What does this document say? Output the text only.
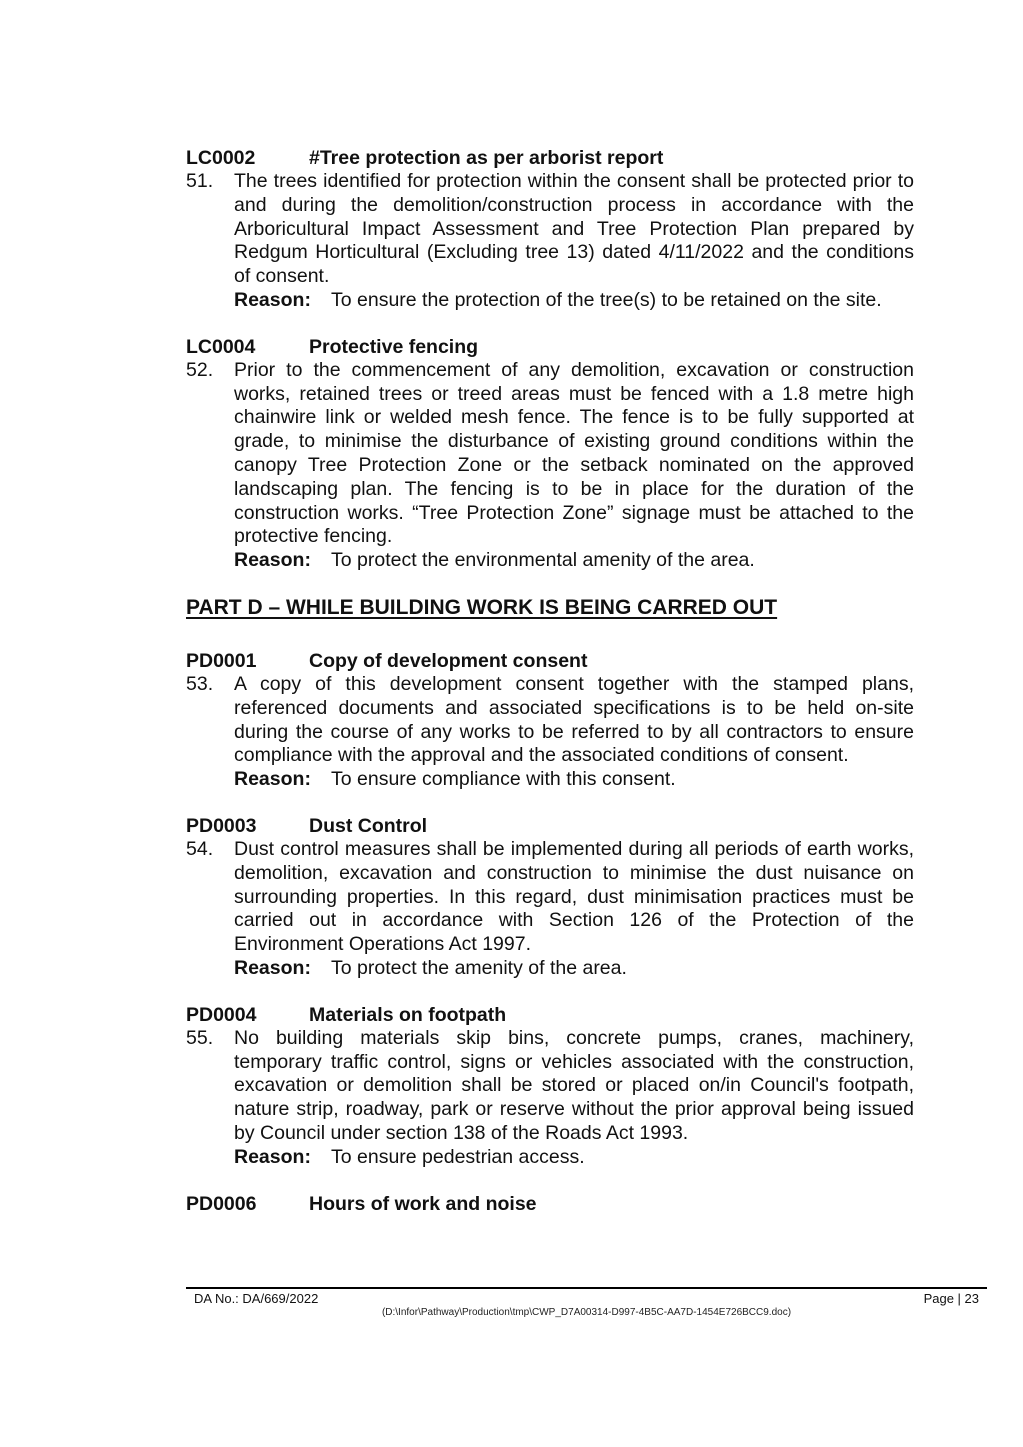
LC0002	#Tree protection as per arborist report
51.	The trees identified for protection within the consent shall be protected prior to and during the demolition/construction process in accordance with the Arboricultural Impact Assessment and Tree Protection Plan prepared by Redgum Horticultural (Excluding tree 13) dated 4/11/2022 and the conditions of consent.

Reason: To ensure the protection of the tree(s) to be retained on the site.

LC0004	Protective fencing
52.	Prior to the commencement of any demolition, excavation or construction works, retained trees or treed areas must be fenced with a 1.8 metre high chainwire link or welded mesh fence. The fence is to be fully supported at grade, to minimise the disturbance of existing ground conditions within the canopy Tree Protection Zone or the setback nominated on the approved landscaping plan. The fencing is to be in place for the duration of the construction works. “Tree Protection Zone” signage must be attached to the protective fencing.

Reason: To protect the environmental amenity of the area.

PART D – WHILE BUILDING WORK IS BEING CARRED OUT
PD0001	Copy of development consent
53.	A copy of this development consent together with the stamped plans, referenced documents and associated specifications is to be held on-site during the course of any works to be referred to by all contractors to ensure compliance with the approval and the associated conditions of consent.

Reason: To ensure compliance with this consent.

PD0003	Dust Control
54.	Dust control measures shall be implemented during all periods of earth works, demolition, excavation and construction to minimise the dust nuisance on surrounding properties. In this regard, dust minimisation practices must be carried out in accordance with Section 126 of the Protection of the Environment Operations Act 1997.

Reason: To protect the amenity of the area.

PD0004	Materials on footpath
55.	No building materials skip bins, concrete pumps, cranes, machinery, temporary traffic control, signs or vehicles associated with the construction, excavation or demolition shall be stored or placed on/in Council's footpath, nature strip, roadway, park or reserve without the prior approval being issued by Council under section 138 of the Roads Act 1993.

Reason: To ensure pedestrian access.

PD0006	Hours of work and noise
DA No.: DA/669/2022	Page | 23
(D:\Infor\Pathway\Production\tmp\CWP_D7A00314-D997-4B5C-AA7D-1454E726BCC9.doc)
